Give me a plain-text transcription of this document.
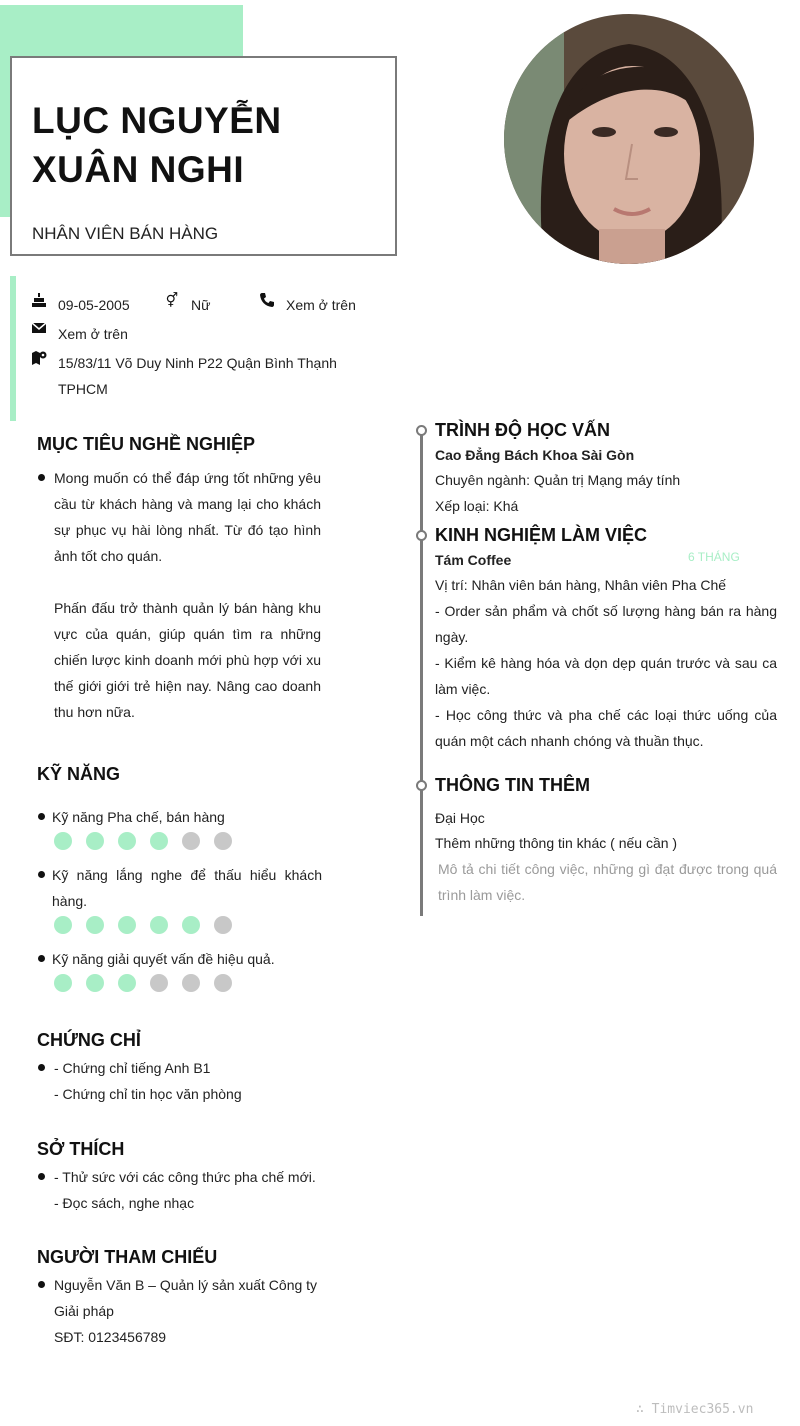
LỤC NGUYỄN XUÂN NGHI
NHÂN VIÊN BÁN HÀNG
09-05-2005	⚥ Nữ	Xem ở trên
Xem ở trên
15/83/11 Võ Duy Ninh P22 Quận Bình Thạnh
TPHCM
MỤC TIÊU NGHỀ NGHIỆP
Mong muốn có thể đáp ứng tốt những yêu cầu từ khách hàng và mang lại cho khách sự phục vụ hài lòng nhất. Từ đó tạo hình ảnh tốt cho quán.
Phấn đấu trở thành quản lý bán hàng khu vực của quán, giúp quán tìm ra những chiến lược kinh doanh mới phù hợp với xu thế giới giới trẻ hiện nay. Nâng cao doanh thu hơn nữa.
KỸ NĂNG
Kỹ năng Pha chế, bán hàng
Kỹ năng lắng nghe để thấu hiểu khách hàng.
Kỹ năng giải quyết vấn đề hiệu quả.
CHỨNG CHỈ
- Chứng chỉ tiếng Anh B1
- Chứng chỉ tin học văn phòng
SỞ THÍCH
- Thử sức với các công thức pha chế mới.
- Đọc sách, nghe nhạc
NGƯỜI THAM CHIẾU
Nguyễn Văn B – Quản lý sản xuất Công ty
Giải pháp
SĐT: 0123456789
TRÌNH ĐỘ HỌC VẤN
Cao Đẳng Bách Khoa Sài Gòn
Chuyên ngành: Quản trị Mạng máy tính
Xếp loại: Khá
KINH NGHIỆM LÀM VIỆC
Tám Coffee	6 THÁNG
Vị trí: Nhân viên bán hàng, Nhân viên Pha Chế
- Order sản phẩm và chốt số lượng hàng bán ra hàng ngày.
- Kiểm kê hàng hóa và dọn dẹp quán trước và sau ca làm việc.
- Học công thức và pha chế các loại thức uống của quán một cách nhanh chóng và thuần thục.
THÔNG TIN THÊM
Đại Học
Thêm những thông tin khác ( nếu cần )
Mô tả chi tiết công việc, những gì đạt được trong quá trình làm việc.
∴ Timviec365.vn
